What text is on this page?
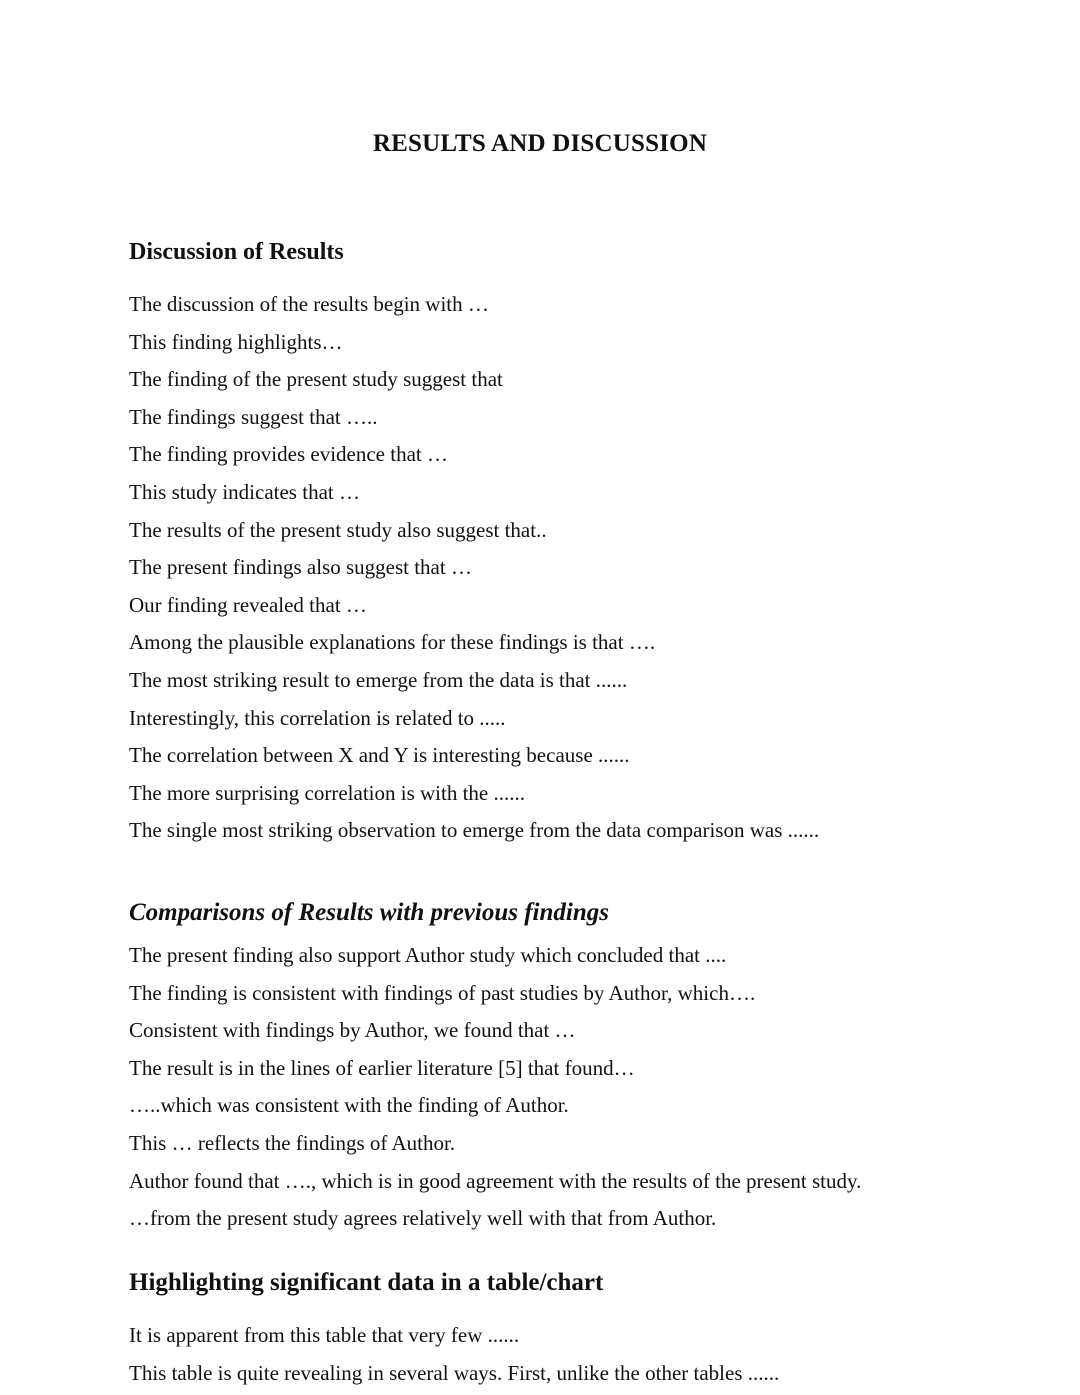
RESULTS AND DISCUSSION
Discussion of Results
The discussion of the results begin with …
This finding highlights…
The finding of the present study suggest that
The findings suggest that …..
The finding provides evidence that …
This study indicates that …
The results of the present study also suggest that..
The present findings also suggest that …
Our finding revealed that …
Among the plausible explanations for these findings is that ….
The most striking result to emerge from the data is that ......
Interestingly, this correlation is related to .....
The correlation between X and Y is interesting because ......
The more surprising correlation is with the ......
The single most striking observation to emerge from the data comparison was ......
Comparisons of Results with previous findings
The present finding also support Author study which concluded that ....
The finding is consistent with findings of past studies by Author, which….
Consistent with findings by Author, we found that …
The result is in the lines of earlier literature [5] that found…
…..which was consistent with the finding of Author.
This … reflects the findings of Author.
Author found that …., which is in good agreement with the results of the present study.
…from the present study agrees relatively well with that from Author.
Highlighting significant data in a table/chart
It is apparent from this table that very few ......
This table is quite revealing in several ways. First, unlike the other tables ......
